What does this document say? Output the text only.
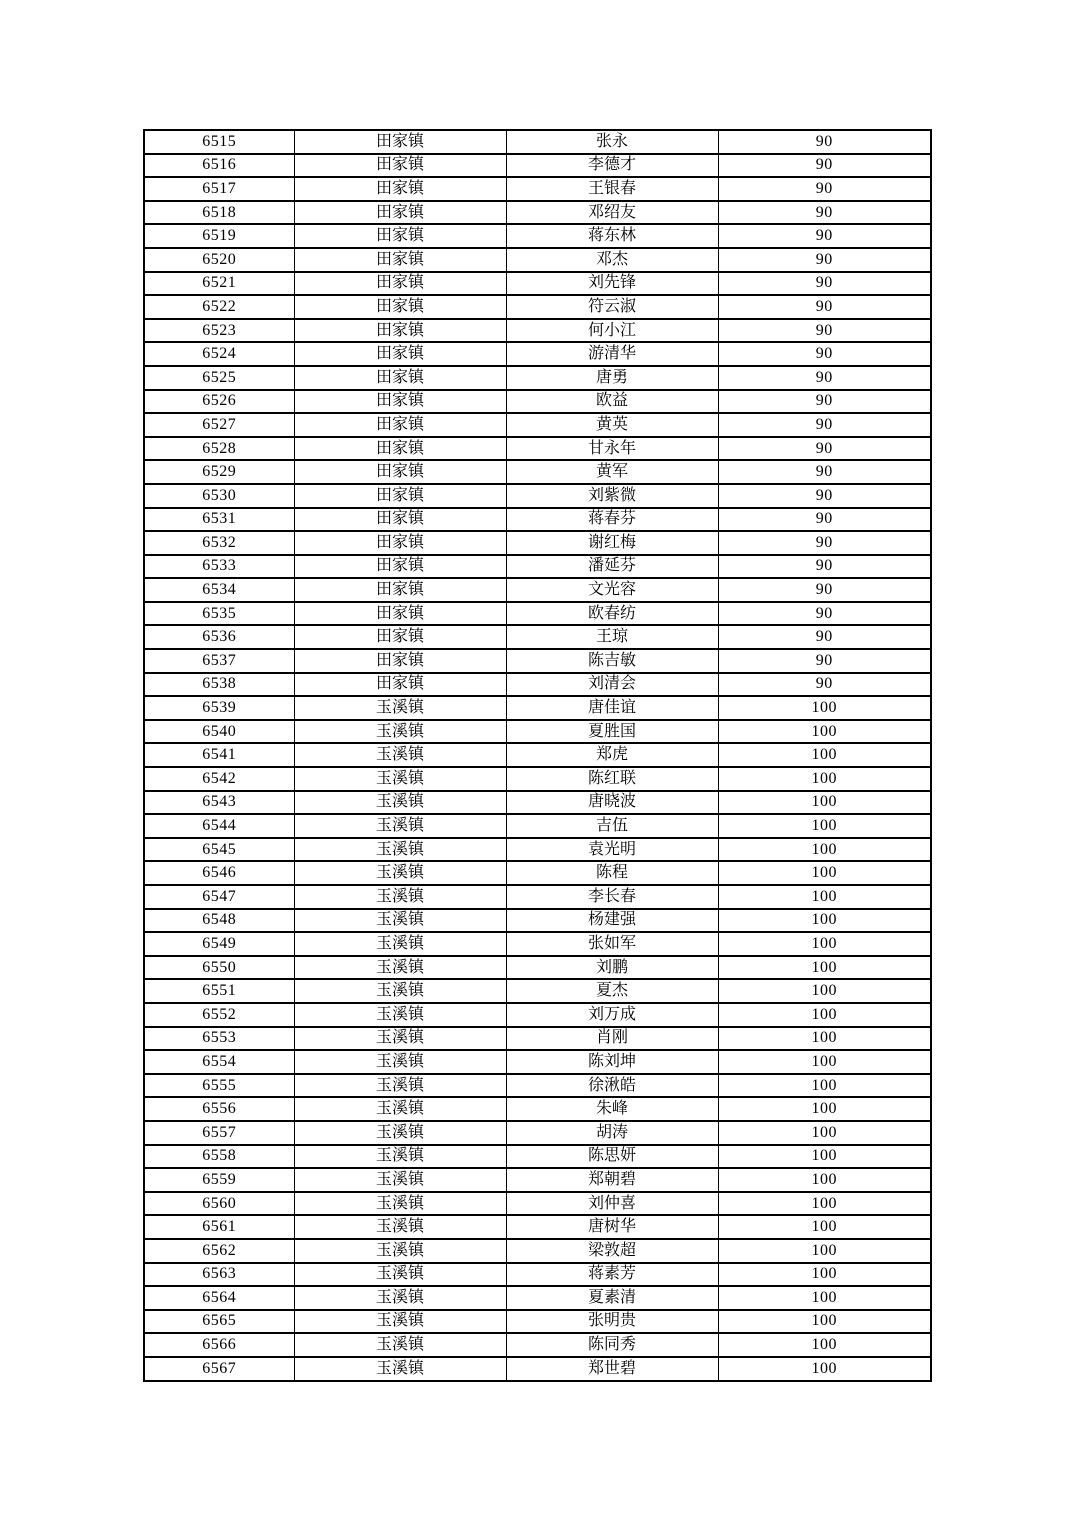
6515	田家镇	张永	90
6516	田家镇	李德才	90
6517	田家镇	王银春	90
6518	田家镇	邓绍友	90
6519	田家镇	蒋东林	90
6520	田家镇	邓杰	90
6521	田家镇	刘先锋	90
6522	田家镇	符云淑	90
6523	田家镇	何小江	90
6524	田家镇	游清华	90
6525	田家镇	唐勇	90
6526	田家镇	欧益	90
6527	田家镇	黄英	90
6528	田家镇	甘永年	90
6529	田家镇	黄军	90
6530	田家镇	刘紫微	90
6531	田家镇	蒋春芬	90
6532	田家镇	谢红梅	90
6533	田家镇	潘延芬	90
6534	田家镇	文光容	90
6535	田家镇	欧春纺	90
6536	田家镇	王琼	90
6537	田家镇	陈吉敏	90
6538	田家镇	刘清会	90
6539	玉溪镇	唐佳谊	100
6540	玉溪镇	夏胜国	100
6541	玉溪镇	郑虎	100
6542	玉溪镇	陈红联	100
6543	玉溪镇	唐晓波	100
6544	玉溪镇	吉伍	100
6545	玉溪镇	袁光明	100
6546	玉溪镇	陈程	100
6547	玉溪镇	李长春	100
6548	玉溪镇	杨建强	100
6549	玉溪镇	张如军	100
6550	玉溪镇	刘鹏	100
6551	玉溪镇	夏杰	100
6552	玉溪镇	刘万成	100
6553	玉溪镇	肖刚	100
6554	玉溪镇	陈刘坤	100
6555	玉溪镇	徐湫皓	100
6556	玉溪镇	朱峰	100
6557	玉溪镇	胡涛	100
6558	玉溪镇	陈思妍	100
6559	玉溪镇	郑朝碧	100
6560	玉溪镇	刘仲喜	100
6561	玉溪镇	唐树华	100
6562	玉溪镇	梁敦超	100
6563	玉溪镇	蒋素芳	100
6564	玉溪镇	夏素清	100
6565	玉溪镇	张明贵	100
6566	玉溪镇	陈同秀	100
6567	玉溪镇	郑世碧	100
